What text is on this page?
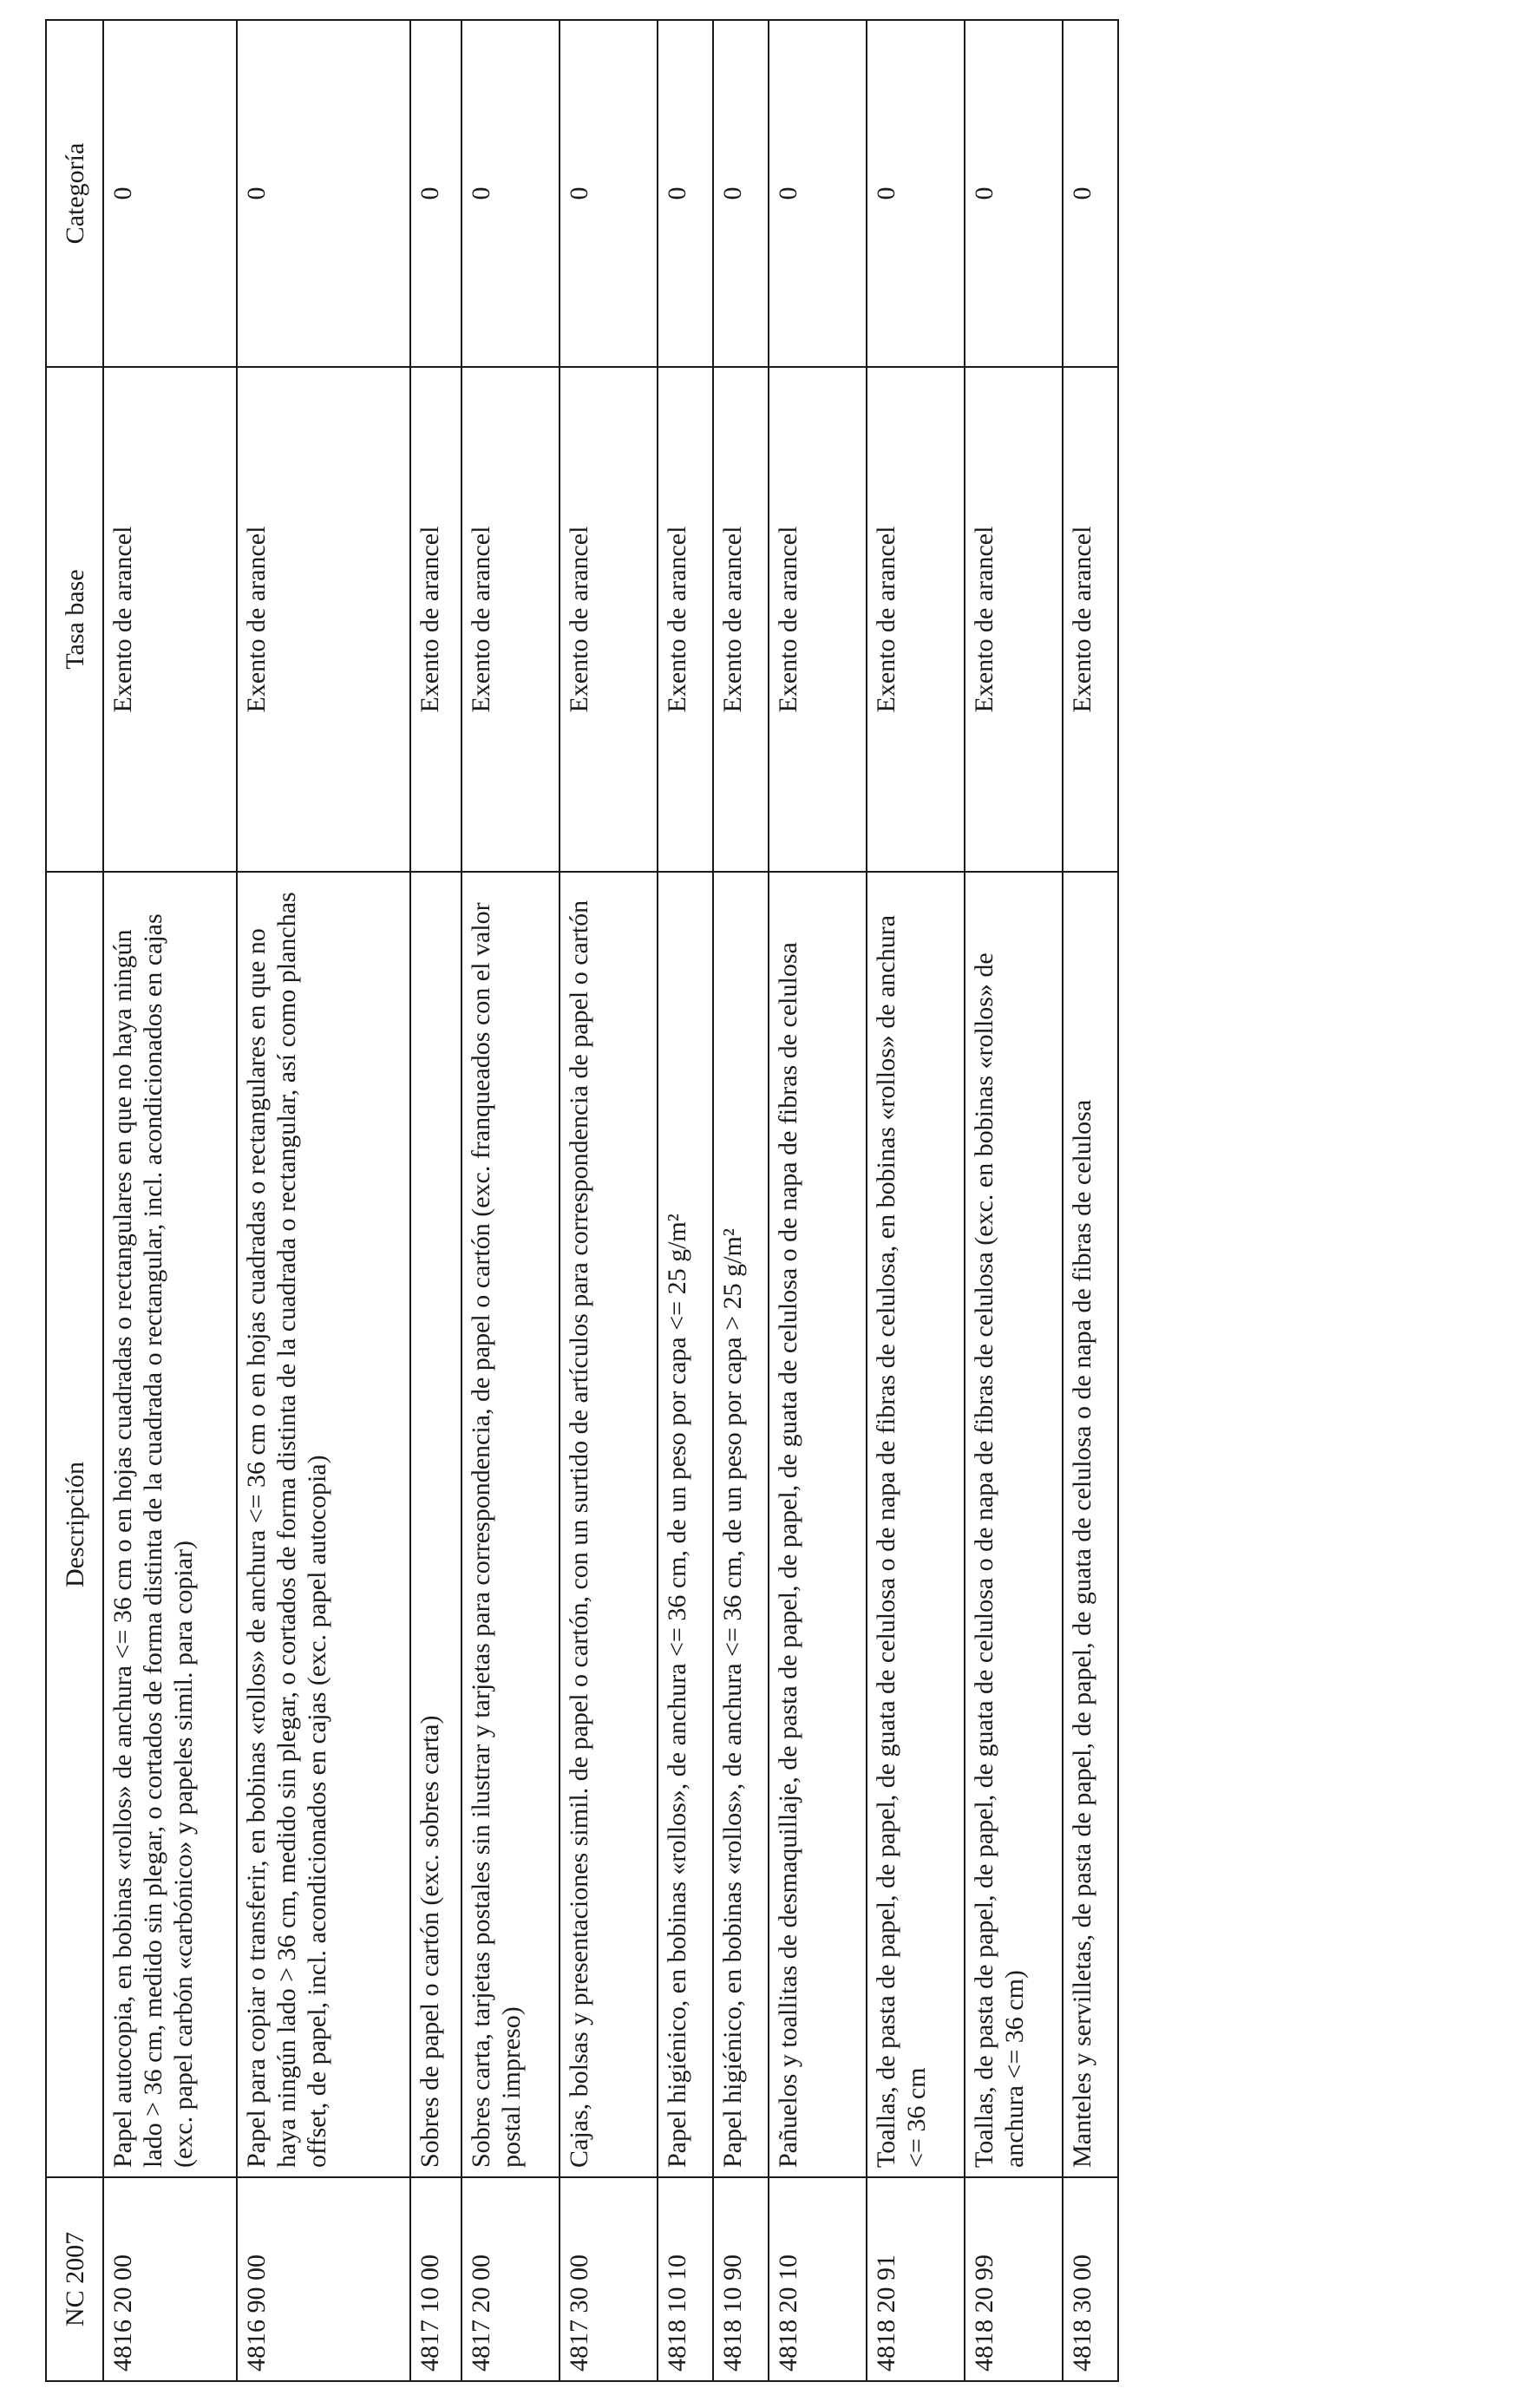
NC 2007	Descripción	Tasa base	Categoría
4816 20 00	Papel autocopia, en bobinas «rollos» de anchura <= 36 cm o en hojas cuadradas o rectangulares en que no haya ningún lado > 36 cm, medido sin plegar, o cortados de forma distinta de la cuadrada o rectangular, incl. acondicionados en cajas (exc. papel carbón «carbónico» y papeles simil. para copiar)	Exento de arancel	0
4816 90 00	Papel para copiar o transferir, en bobinas «rollos» de anchura <= 36 cm o en hojas cuadradas o rectangulares en que no haya ningún lado > 36 cm, medido sin plegar, o cortados de forma distinta de la cuadrada o rectangular, así como planchas offset, de papel, incl. acondicionados en cajas (exc. papel autocopia)	Exento de arancel	0
4817 10 00	Sobres de papel o cartón (exc. sobres carta)	Exento de arancel	0
4817 20 00	Sobres carta, tarjetas postales sin ilustrar y tarjetas para correspondencia, de papel o cartón (exc. franqueados con el valor postal impreso)	Exento de arancel	0
4817 30 00	Cajas, bolsas y presentaciones simil. de papel o cartón, con un surtido de artículos para correspondencia de papel o cartón	Exento de arancel	0
4818 10 10	Papel higiénico, en bobinas «rollos», de anchura <= 36 cm, de un peso por capa <= 25 g/m²	Exento de arancel	0
4818 10 90	Papel higiénico, en bobinas «rollos», de anchura <= 36 cm, de un peso por capa > 25 g/m²	Exento de arancel	0
4818 20 10	Pañuelos y toallitas de desmaquillaje, de pasta de papel, de papel, de guata de celulosa o de napa de fibras de celulosa	Exento de arancel	0
4818 20 91	Toallas, de pasta de papel, de papel, de guata de celulosa o de napa de fibras de celulosa, en bobinas «rollos» de anchura <= 36 cm	Exento de arancel	0
4818 20 99	Toallas, de pasta de papel, de papel, de guata de celulosa o de napa de fibras de celulosa (exc. en bobinas «rollos» de anchura <= 36 cm)	Exento de arancel	0
4818 30 00	Manteles y servilletas, de pasta de papel, de papel, de guata de celulosa o de napa de fibras de celulosa	Exento de arancel	0
